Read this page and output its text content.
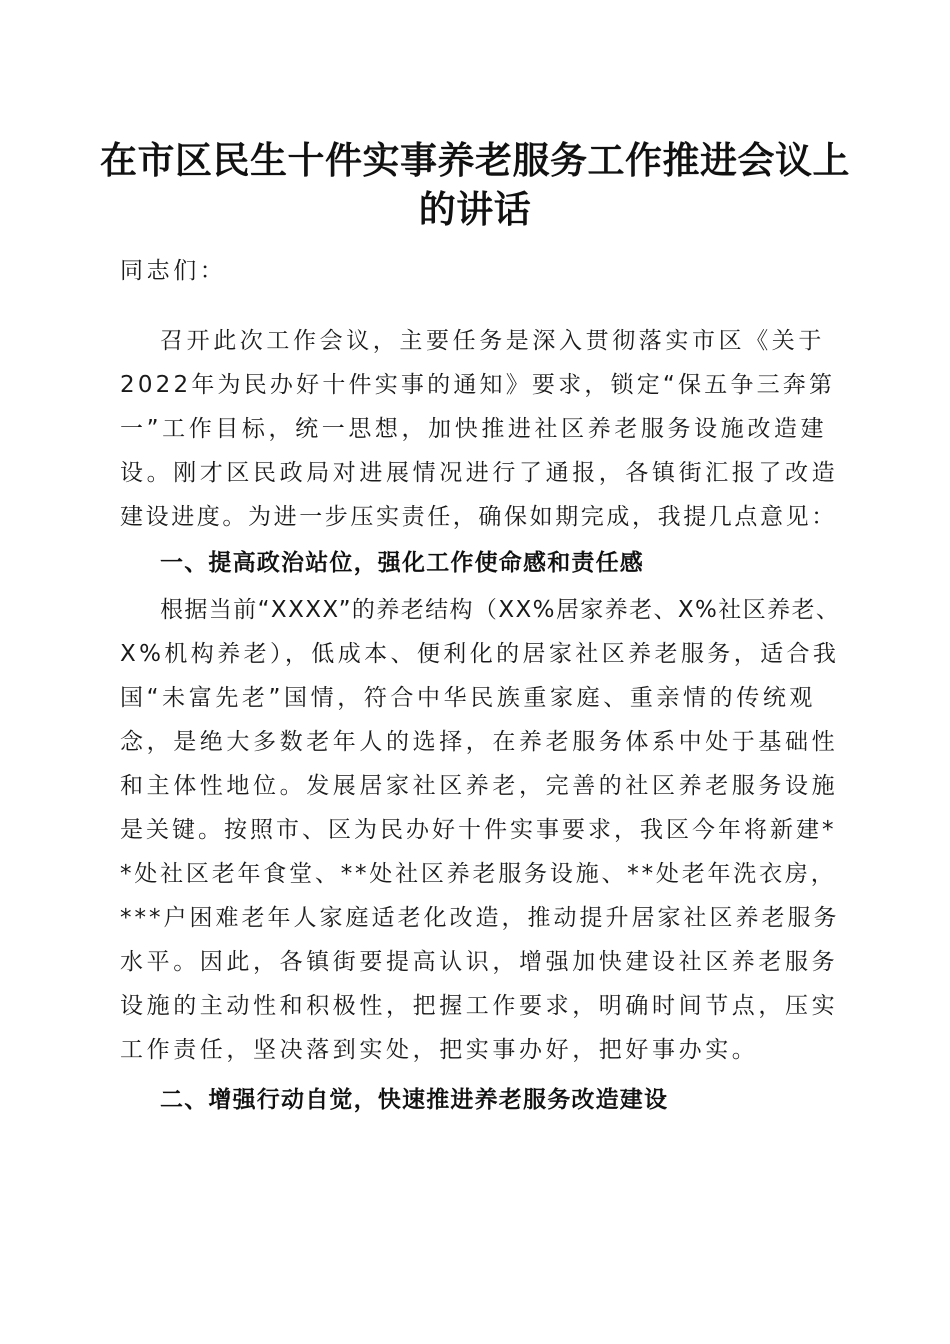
在市区民生十件实事养老服务工作推进会议上
的讲话
同志们：
召开此次工作会议，主要任务是深入贯彻落实市区《关于
2022年为民办好十件实事的通知》要求，锁定“保五争三奔第
一”工作目标，统一思想，加快推进社区养老服务设施改造建
设。刚才区民政局对进展情况进行了通报，各镇街汇报了改造
建设进度。为进一步压实责任，确保如期完成，我提几点意见：
一、提高政治站位，强化工作使命感和责任感
根据当前“XXXX”的养老结构（XX%居家养老、X%社区养老、
X%机构养老），低成本、便利化的居家社区养老服务，适合我
国“未富先老”国情，符合中华民族重家庭、重亲情的传统观
念，是绝大多数老年人的选择，在养老服务体系中处于基础性
和主体性地位。发展居家社区养老，完善的社区养老服务设施
是关键。按照市、区为民办好十件实事要求，我区今年将新建*
*处社区老年食堂、**处社区养老服务设施、**处老年洗衣房，
***户困难老年人家庭适老化改造，推动提升居家社区养老服务
水平。因此，各镇街要提高认识，增强加快建设社区养老服务
设施的主动性和积极性，把握工作要求，明确时间节点，压实
工作责任，坚决落到实处，把实事办好，把好事办实。
二、增强行动自觉，快速推进养老服务改造建设
